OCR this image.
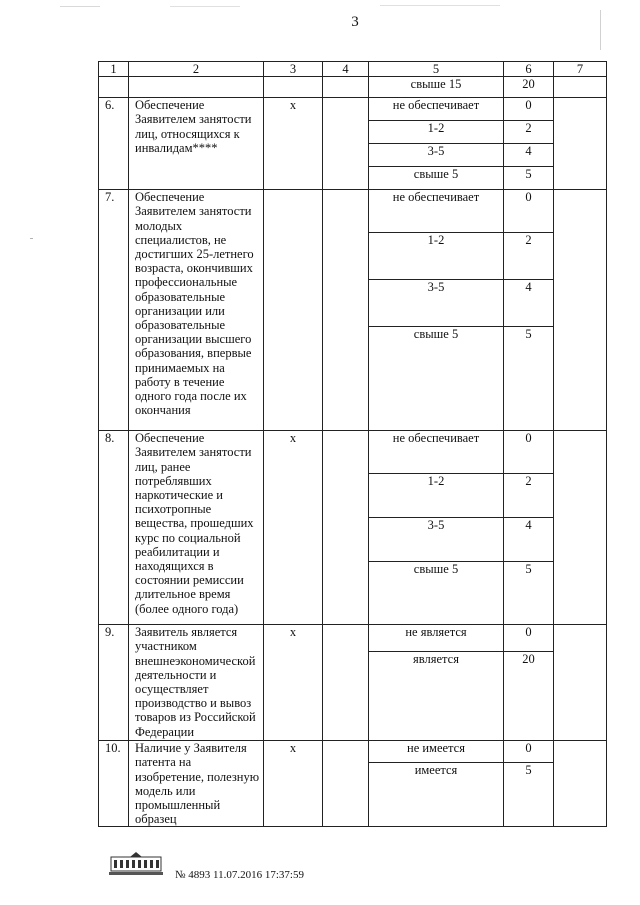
3
1	2	3	4	5	6	7
				свыше 15	20	
6.	Обеспечение Заявителем занятости лиц, относящихся к инвалидам****	x		не обеспечивает	0	
				1-2	2	
				3-5	4	
				свыше 5	5	
7.	Обеспечение Заявителем занятости молодых специалистов, не достигших 25-летнего возраста, окончивших профессиональные образовательные организации или образовательные организации высшего образования, впервые принимаемых на работу в течение одного года после их окончания			не обеспечивает	0	
				1-2	2	
				3-5	4	
				свыше 5	5	
8.	Обеспечение Заявителем занятости лиц, ранее потреблявших наркотические и психотропные вещества, прошедших курс по социальной реабилитации и находящихся в состоянии ремиссии длительное время (более одного года)	x		не обеспечивает	0	
				1-2	2	
				3-5	4	
				свыше 5	5	
9.	Заявитель является участником внешнеэкономической деятельности и осуществляет производство и вывоз товаров из Российской Федерации	x		не является	0	
				является	20	
10.	Наличие у Заявителя патента на изобретение, полезную модель или промышленный образец	x		не имеется	0	
				имеется	5	
№ 4893 11.07.2016 17:37:59
